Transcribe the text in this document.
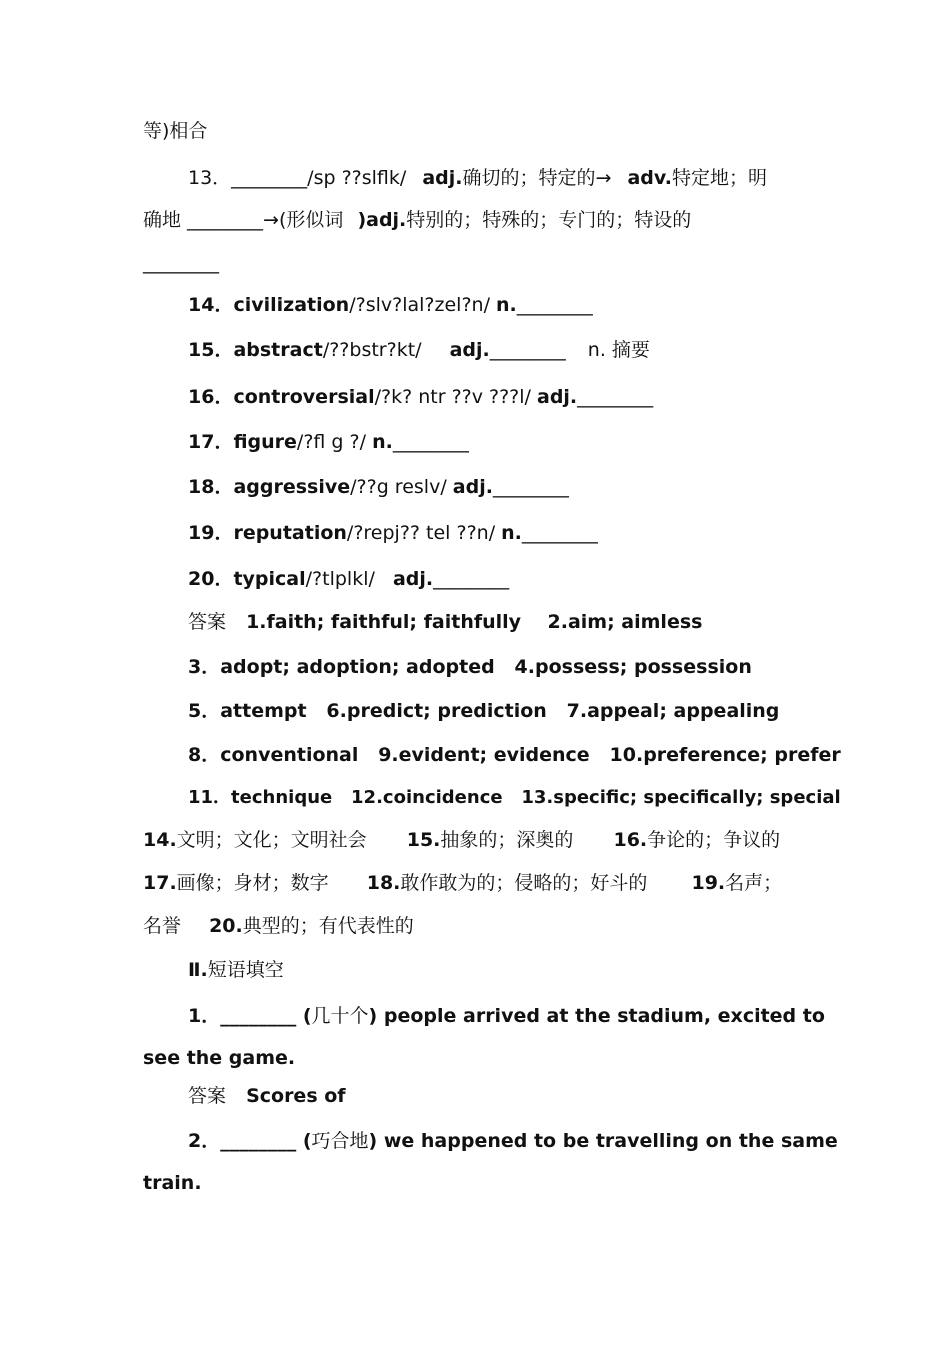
等)相合
13．________/sp ??slflk/ adj.确切的；特定的→ adv.特定地；明
确地 ________→(形似词 )adj.特别的；特殊的；专门的；特设的
________
14．civilization/?slv?lal?zel?n/ n.________
15．abstract/??bstr?kt/ adj.________ n. 摘要
16．controversial/?k? ntr ??v ???l/ adj.________
17．figure/?fl g ?/ n.________
18．aggressive/??g reslv/ adj.________
19．reputation/?repj?? tel ??n/ n.________
20．typical/?tlplkl/ adj.________
答案 1.faith; faithful; faithfully    2.aim; aimless
3．adopt; adoption; adopted   4.possess; possession
5．attempt   6.predict; prediction   7.appeal; appealing
8．conventional   9.evident; evidence   10.preference; prefer
11．technique   12.coincidence   13.specific; specifically; special
14.文明；文化；文明社会 15.抽象的；深奥的 16.争论的；争议的
17.画像；身材；数字 18.敢作敢为的；侵略的；好斗的 19.名声；
名誉 20.典型的；有代表性的
Ⅱ.短语填空
1．________ (几十个) people arrived at the stadium, excited to
see the game.
答案 Scores of
2．________ (巧合地) we happened to be travelling on the same
train.
